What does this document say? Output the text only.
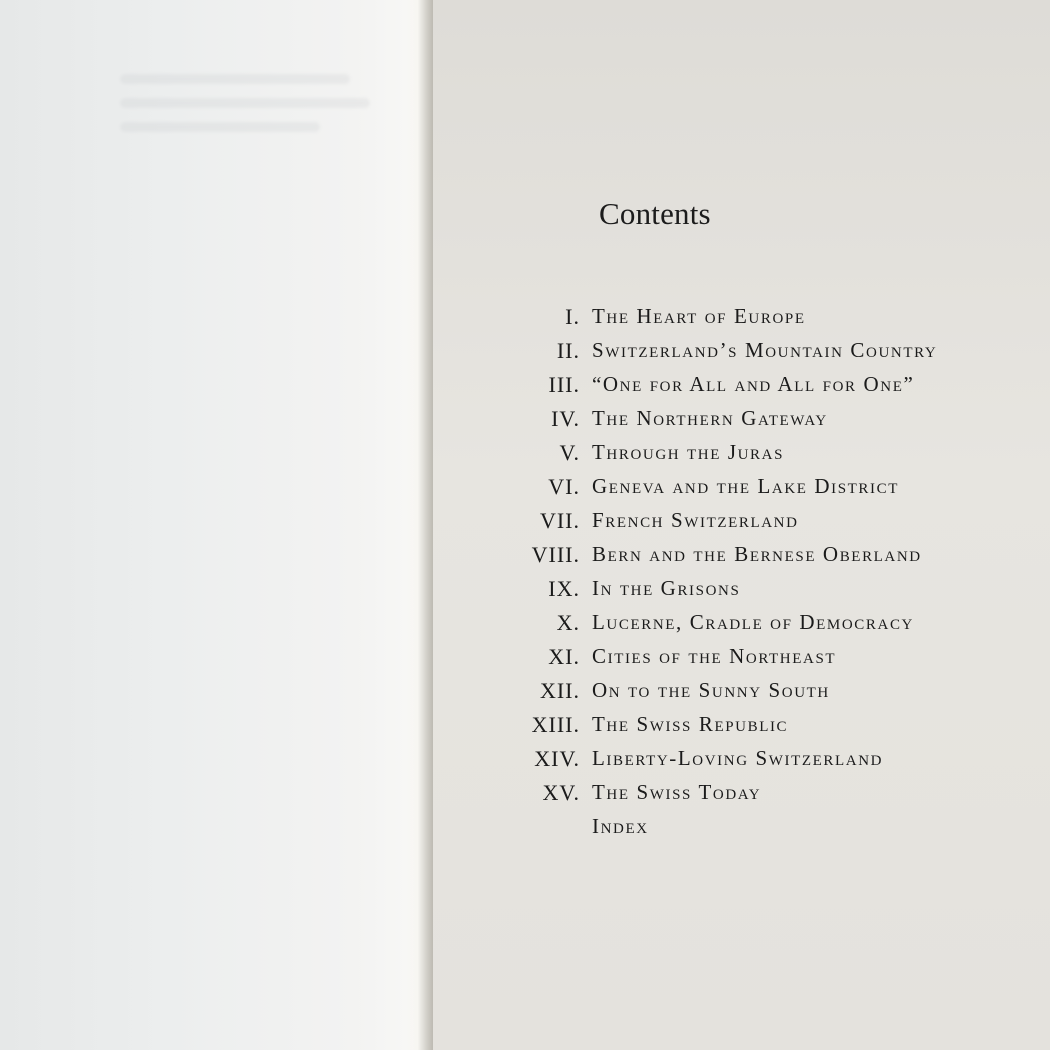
Contents
I. The Heart of Europe
II. Switzerland’s Mountain Country
III. “One for All and All for One”
IV. The Northern Gateway
V. Through the Juras
VI. Geneva and the Lake District
VII. French Switzerland
VIII. Bern and the Bernese Oberland
IX. In the Grisons
X. Lucerne, Cradle of Democracy
XI. Cities of the Northeast
XII. On to the Sunny South
XIII. The Swiss Republic
XIV. Liberty-Loving Switzerland
XV. The Swiss Today
Index
